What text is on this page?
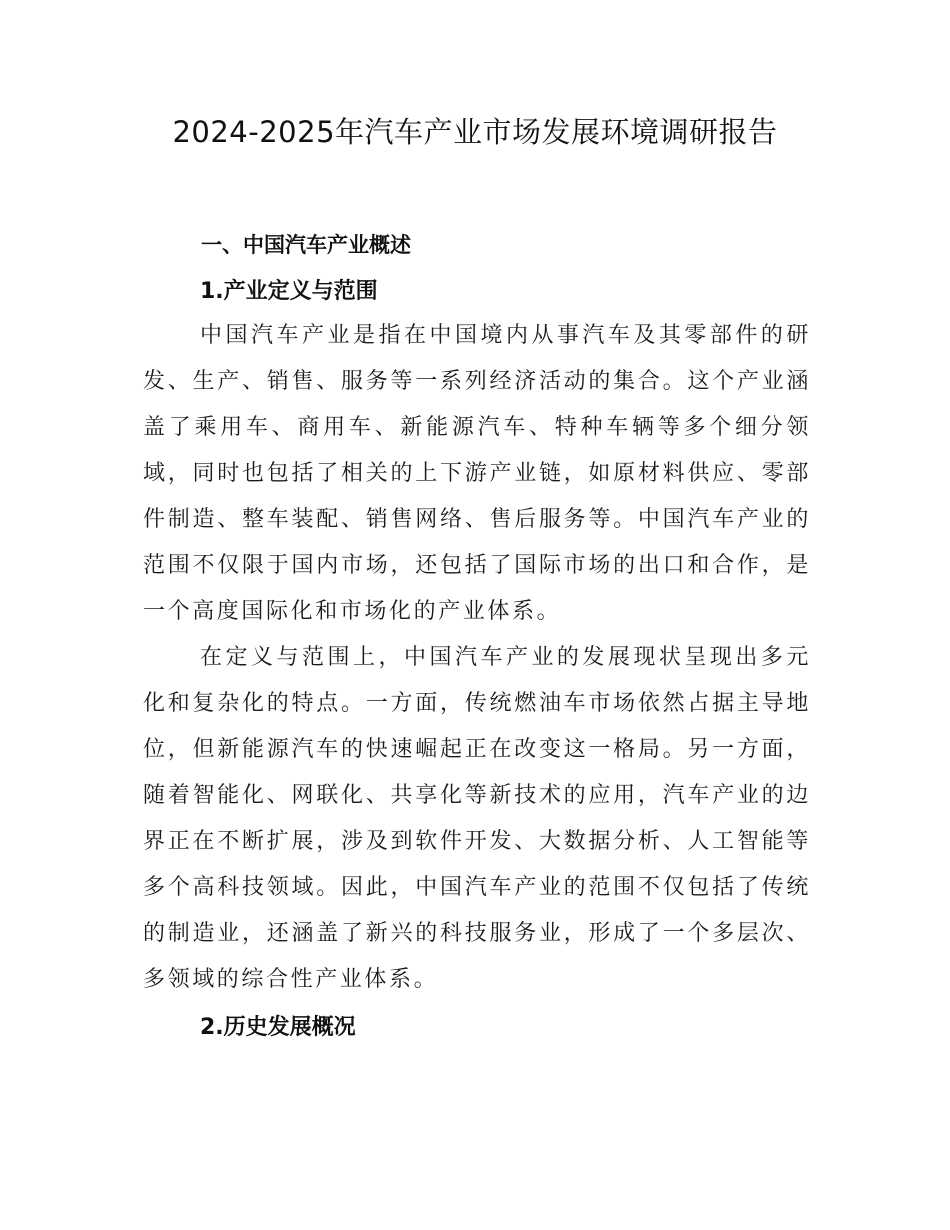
2024-2025年汽车产业市场发展环境调研报告
一、中国汽车产业概述
1.产业定义与范围

中国汽车产业是指在中国境内从事汽车及其零部件的研发、生产、销售、服务等一系列经济活动的集合。这个产业涵盖了乘用车、商用车、新能源汽车、特种车辆等多个细分领域，同时也包括了相关的上下游产业链，如原材料供应、零部件制造、整车装配、销售网络、售后服务等。中国汽车产业的范围不仅限于国内市场，还包括了国际市场的出口和合作，是一个高度国际化和市场化的产业体系。

在定义与范围上，中国汽车产业的发展现状呈现出多元化和复杂化的特点。一方面，传统燃油车市场依然占据主导地位，但新能源汽车的快速崛起正在改变这一格局。另一方面，随着智能化、网联化、共享化等新技术的应用，汽车产业的边界正在不断扩展，涉及到软件开发、大数据分析、人工智能等多个高科技领域。因此，中国汽车产业的范围不仅包括了传统的制造业，还涵盖了新兴的科技服务业，形成了一个多层次、多领域的综合性产业体系。

2.历史发展概况
